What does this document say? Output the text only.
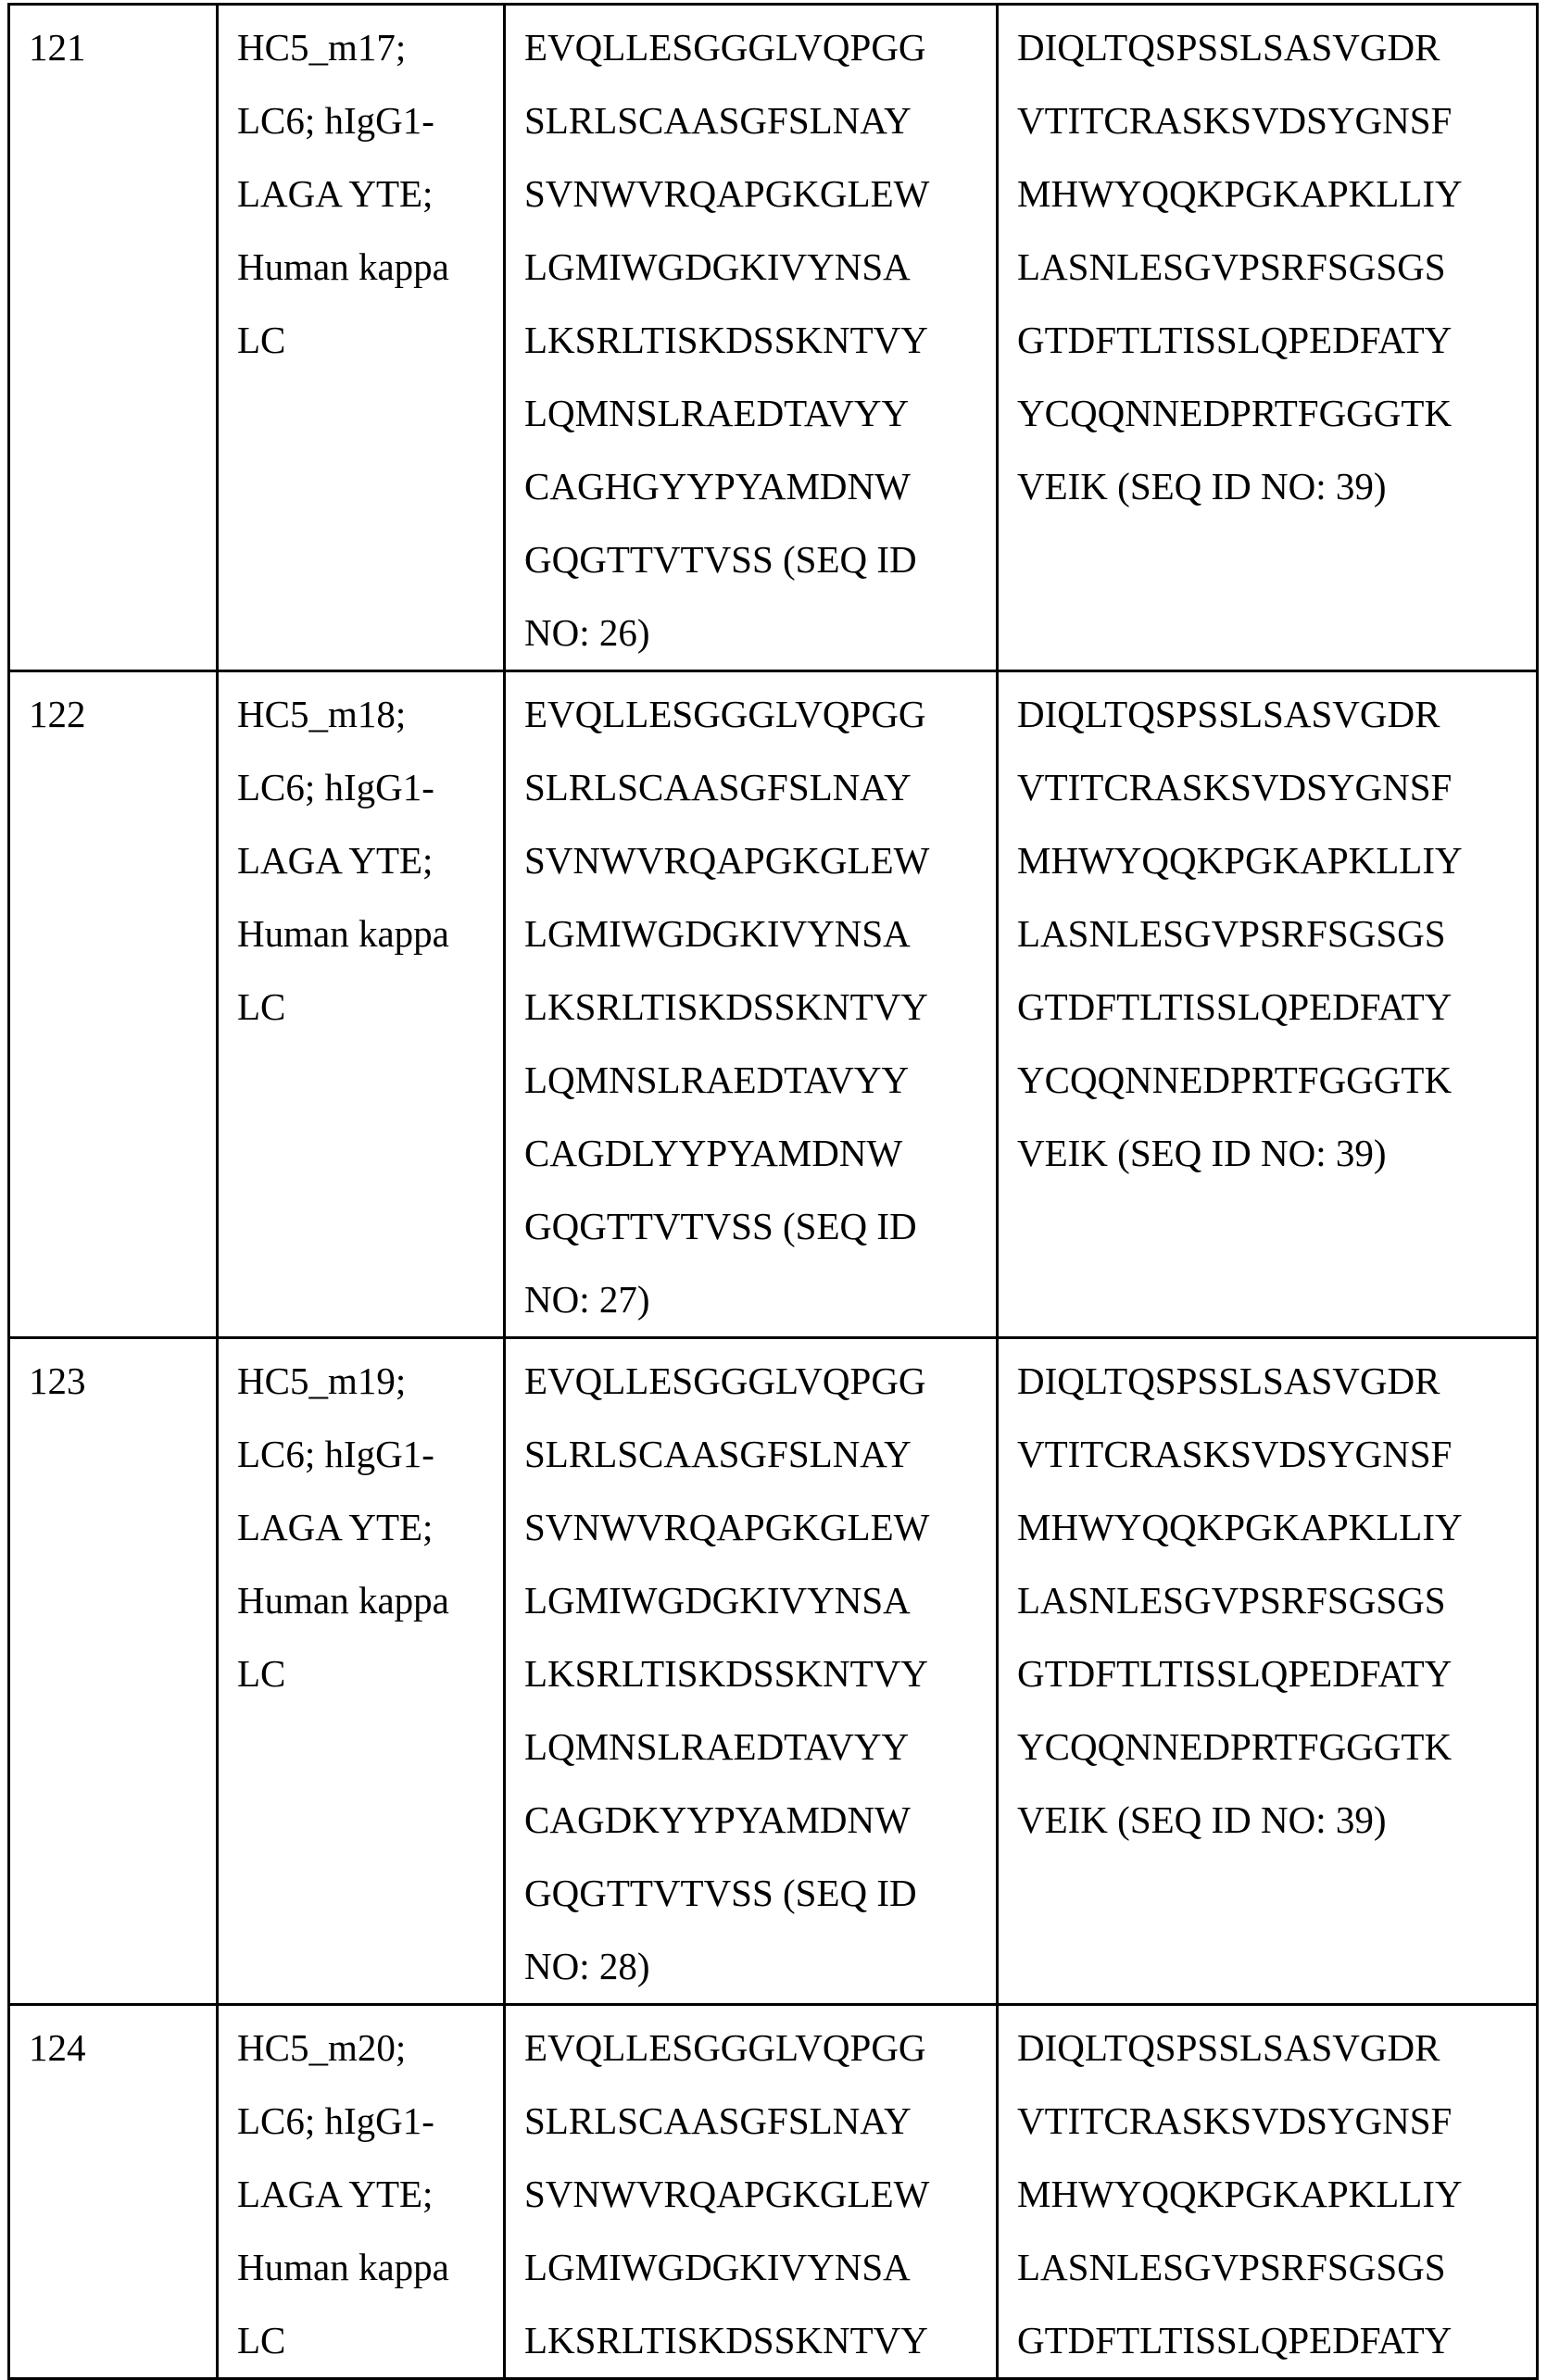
121	HC5_m17;
LC6; hIgG1-
LAGA YTE;
Human kappa
LC

EVQLLESGGGLVQPGG
SLRLSCAASGFSLNAY
SVNWVRQAPGKGLEW
LGMIWGDGKIVYNSA
LKSRLTISKDSSKNTVY
LQMNSLRAEDTAVYY
CAGHGYYPYAMDNW
GQGTTVTVSS (SEQ ID
NO: 26)

DIQLTQSPSSLSASVGDR
VTITCRASKSVDSYGNSF
MHWYQQKPGKAPKLLIY
LASNLESGVPSRFSGSGS
GTDFTLTISSLQPEDFATY
YCQQNNEDPRTFGGGTK
VEIK (SEQ ID NO: 39)

122	HC5_m18;
LC6; hIgG1-
LAGA YTE;
Human kappa
LC

EVQLLESGGGLVQPGG
SLRLSCAASGFSLNAY
SVNWVRQAPGKGLEW
LGMIWGDGKIVYNSA
LKSRLTISKDSSKNTVY
LQMNSLRAEDTAVYY
CAGDLYYPYAMDNW
GQGTTVTVSS (SEQ ID
NO: 27)

DIQLTQSPSSLSASVGDR
VTITCRASKSVDSYGNSF
MHWYQQKPGKAPKLLIY
LASNLESGVPSRFSGSGS
GTDFTLTISSLQPEDFATY
YCQQNNEDPRTFGGGTK
VEIK (SEQ ID NO: 39)

123	HC5_m19;
LC6; hIgG1-
LAGA YTE;
Human kappa
LC

EVQLLESGGGLVQPGG
SLRLSCAASGFSLNAY
SVNWVRQAPGKGLEW
LGMIWGDGKIVYNSA
LKSRLTISKDSSKNTVY
LQMNSLRAEDTAVYY
CAGDKYYPYAMDNW
GQGTTVTVSS (SEQ ID
NO: 28)

DIQLTQSPSSLSASVGDR
VTITCRASKSVDSYGNSF
MHWYQQKPGKAPKLLIY
LASNLESGVPSRFSGSGS
GTDFTLTISSLQPEDFATY
YCQQNNEDPRTFGGGTK
VEIK (SEQ ID NO: 39)

124	HC5_m20;
LC6; hIgG1-
LAGA YTE;
Human kappa
LC

EVQLLESGGGLVQPGG
SLRLSCAASGFSLNAY
SVNWVRQAPGKGLEW
LGMIWGDGKIVYNSA
LKSRLTISKDSSKNTVY

DIQLTQSPSSLSASVGDR
VTITCRASKSVDSYGNSF
MHWYQQKPGKAPKLLIY
LASNLESGVPSRFSGSGS
GTDFTLTISSLQPEDFATY
